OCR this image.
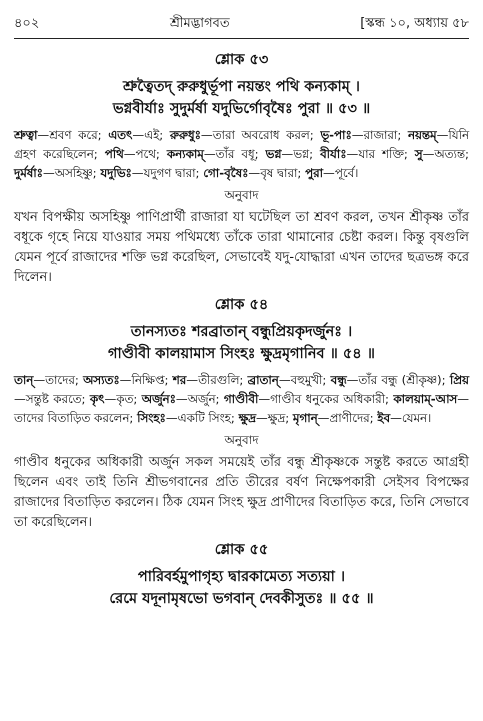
৪০২	শ্রীমদ্ভাগবত	[স্কন্ধ ১০, অধ্যায় ৫৮
শ্লোক ৫৩
শ্রুত্বৈতদ্ রুরুধুর্ভূপা নয়ন্তং পথি কন্যকাম্ ।
ভগ্নবীর্যাঃ সুদুর্মর্ষা যদুভির্গোবৃষৈঃ পুরা ॥ ৫৩ ॥
শ্রুত্বা—শ্রবণ করে; এতৎ—এই; রুরুধুঃ—তারা অবরোধ করল; ভূ-পাঃ—রাজারা; নয়ন্তম্—যিনি গ্রহণ করেছিলেন; পথি—পথে; কন্যকাম্—তাঁর বধূ; ভগ্ন—ভগ্ন; বীর্যাঃ—যার শক্তি; সু—অত্যন্ত; দুর্মর্ষাঃ—অসহিষ্ণু; যদুভিঃ—যদুগণ দ্বারা; গো-বৃষৈঃ—বৃষ দ্বারা; পুরা—পূর্বে।
অনুবাদ
যখন বিপক্ষীয় অসহিষ্ণু পাণিপ্রার্থী রাজারা যা ঘটেছিল তা শ্রবণ করল, তখন শ্রীকৃষ্ণ তাঁর বধূকে গৃহে নিয়ে যাওয়ার সময় পথিমধ্যে তাঁকে তারা থামানোর চেষ্টা করল। কিন্তু বৃষগুলি যেমন পূর্বে রাজাদের শক্তি ভগ্ন করেছিল, সেভাবেই যদু-যোদ্ধারা এখন তাদের ছত্রভঙ্গ করে দিলেন।
শ্লোক ৫৪
তানস্যতঃ শরব্রাতান্ বন্ধুপ্রিয়কৃদর্জুনঃ ।
গাণ্ডীবী কালয়ামাস সিংহঃ ক্ষুদ্রমৃগানিব ॥ ৫৪ ॥
তান্—তাদের; অস্যতঃ—নিক্ষিপ্ত; শর—তীরগুলি; ব্রাতান্—বহুমুখী; বন্ধু—তাঁর বন্ধু (শ্রীকৃষ্ণ); প্রিয়—সন্তুষ্ট করতে; কৃৎ—কৃত; অর্জুনঃ—অর্জুন; গাণ্ডীবী—গাণ্ডীব ধনুকের অধিকারী; কালয়াম্-আস—তাদের বিতাড়িত করলেন; সিংহঃ—একটি সিংহ; ক্ষুদ্র—ক্ষুদ্র; মৃগান্—প্রাণীদের; ইব—যেমন।
অনুবাদ
গাণ্ডীব ধনুকের অধিকারী অর্জুন সকল সময়েই তাঁর বন্ধু শ্রীকৃষ্ণকে সন্তুষ্ট করতে আগ্রহী ছিলেন এবং তাই তিনি শ্রীভগবানের প্রতি তীরের বর্ষণ নিক্ষেপকারী সেইসব বিপক্ষের রাজাদের বিতাড়িত করলেন। ঠিক যেমন সিংহ ক্ষুদ্র প্রাণীদের বিতাড়িত করে, তিনি সেভাবে তা করেছিলেন।
শ্লোক ৫৫
পারিবর্হমুপাগৃহ্য দ্বারকামেত্য সত্যয়া ।
রেমে যদূনামৃষভো ভগবান্ দেবকীসুতঃ ॥ ৫৫ ॥
